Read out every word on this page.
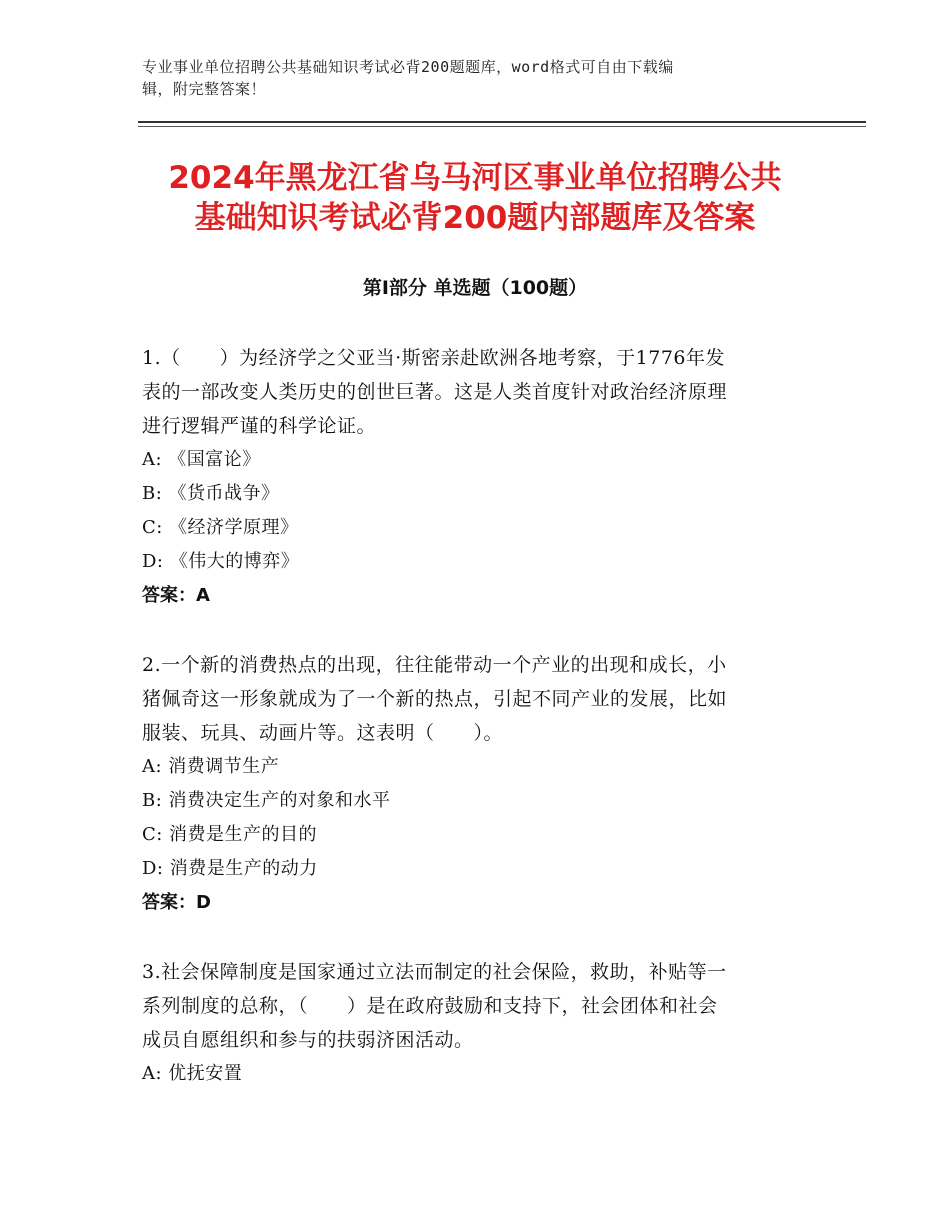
专业事业单位招聘公共基础知识考试必背200题题库，word格式可自由下载编
辑，附完整答案！
2024年黑龙江省乌马河区事业单位招聘公共
基础知识考试必背200题内部题库及答案
第Ⅰ部分 单选题（100题）

1.（　　）为经济学之父亚当·斯密亲赴欧洲各地考察，于1776年发
表的一部改变人类历史的创世巨著。这是人类首度针对政治经济原理
进行逻辑严谨的科学论证。

A: 《国富论》

B: 《货币战争》

C: 《经济学原理》

D: 《伟大的博弈》

答案：A

2.一个新的消费热点的出现，往往能带动一个产业的出现和成长，小
猪佩奇这一形象就成为了一个新的热点，引起不同产业的发展，比如
服装、玩具、动画片等。这表明（　　）。

A: 消费调节生产

B: 消费决定生产的对象和水平

C: 消费是生产的目的

D: 消费是生产的动力

答案：D

3.社会保障制度是国家通过立法而制定的社会保险，救助，补贴等一
系列制度的总称，（　　）是在政府鼓励和支持下，社会团体和社会
成员自愿组织和参与的扶弱济困活动。

A: 优抚安置
